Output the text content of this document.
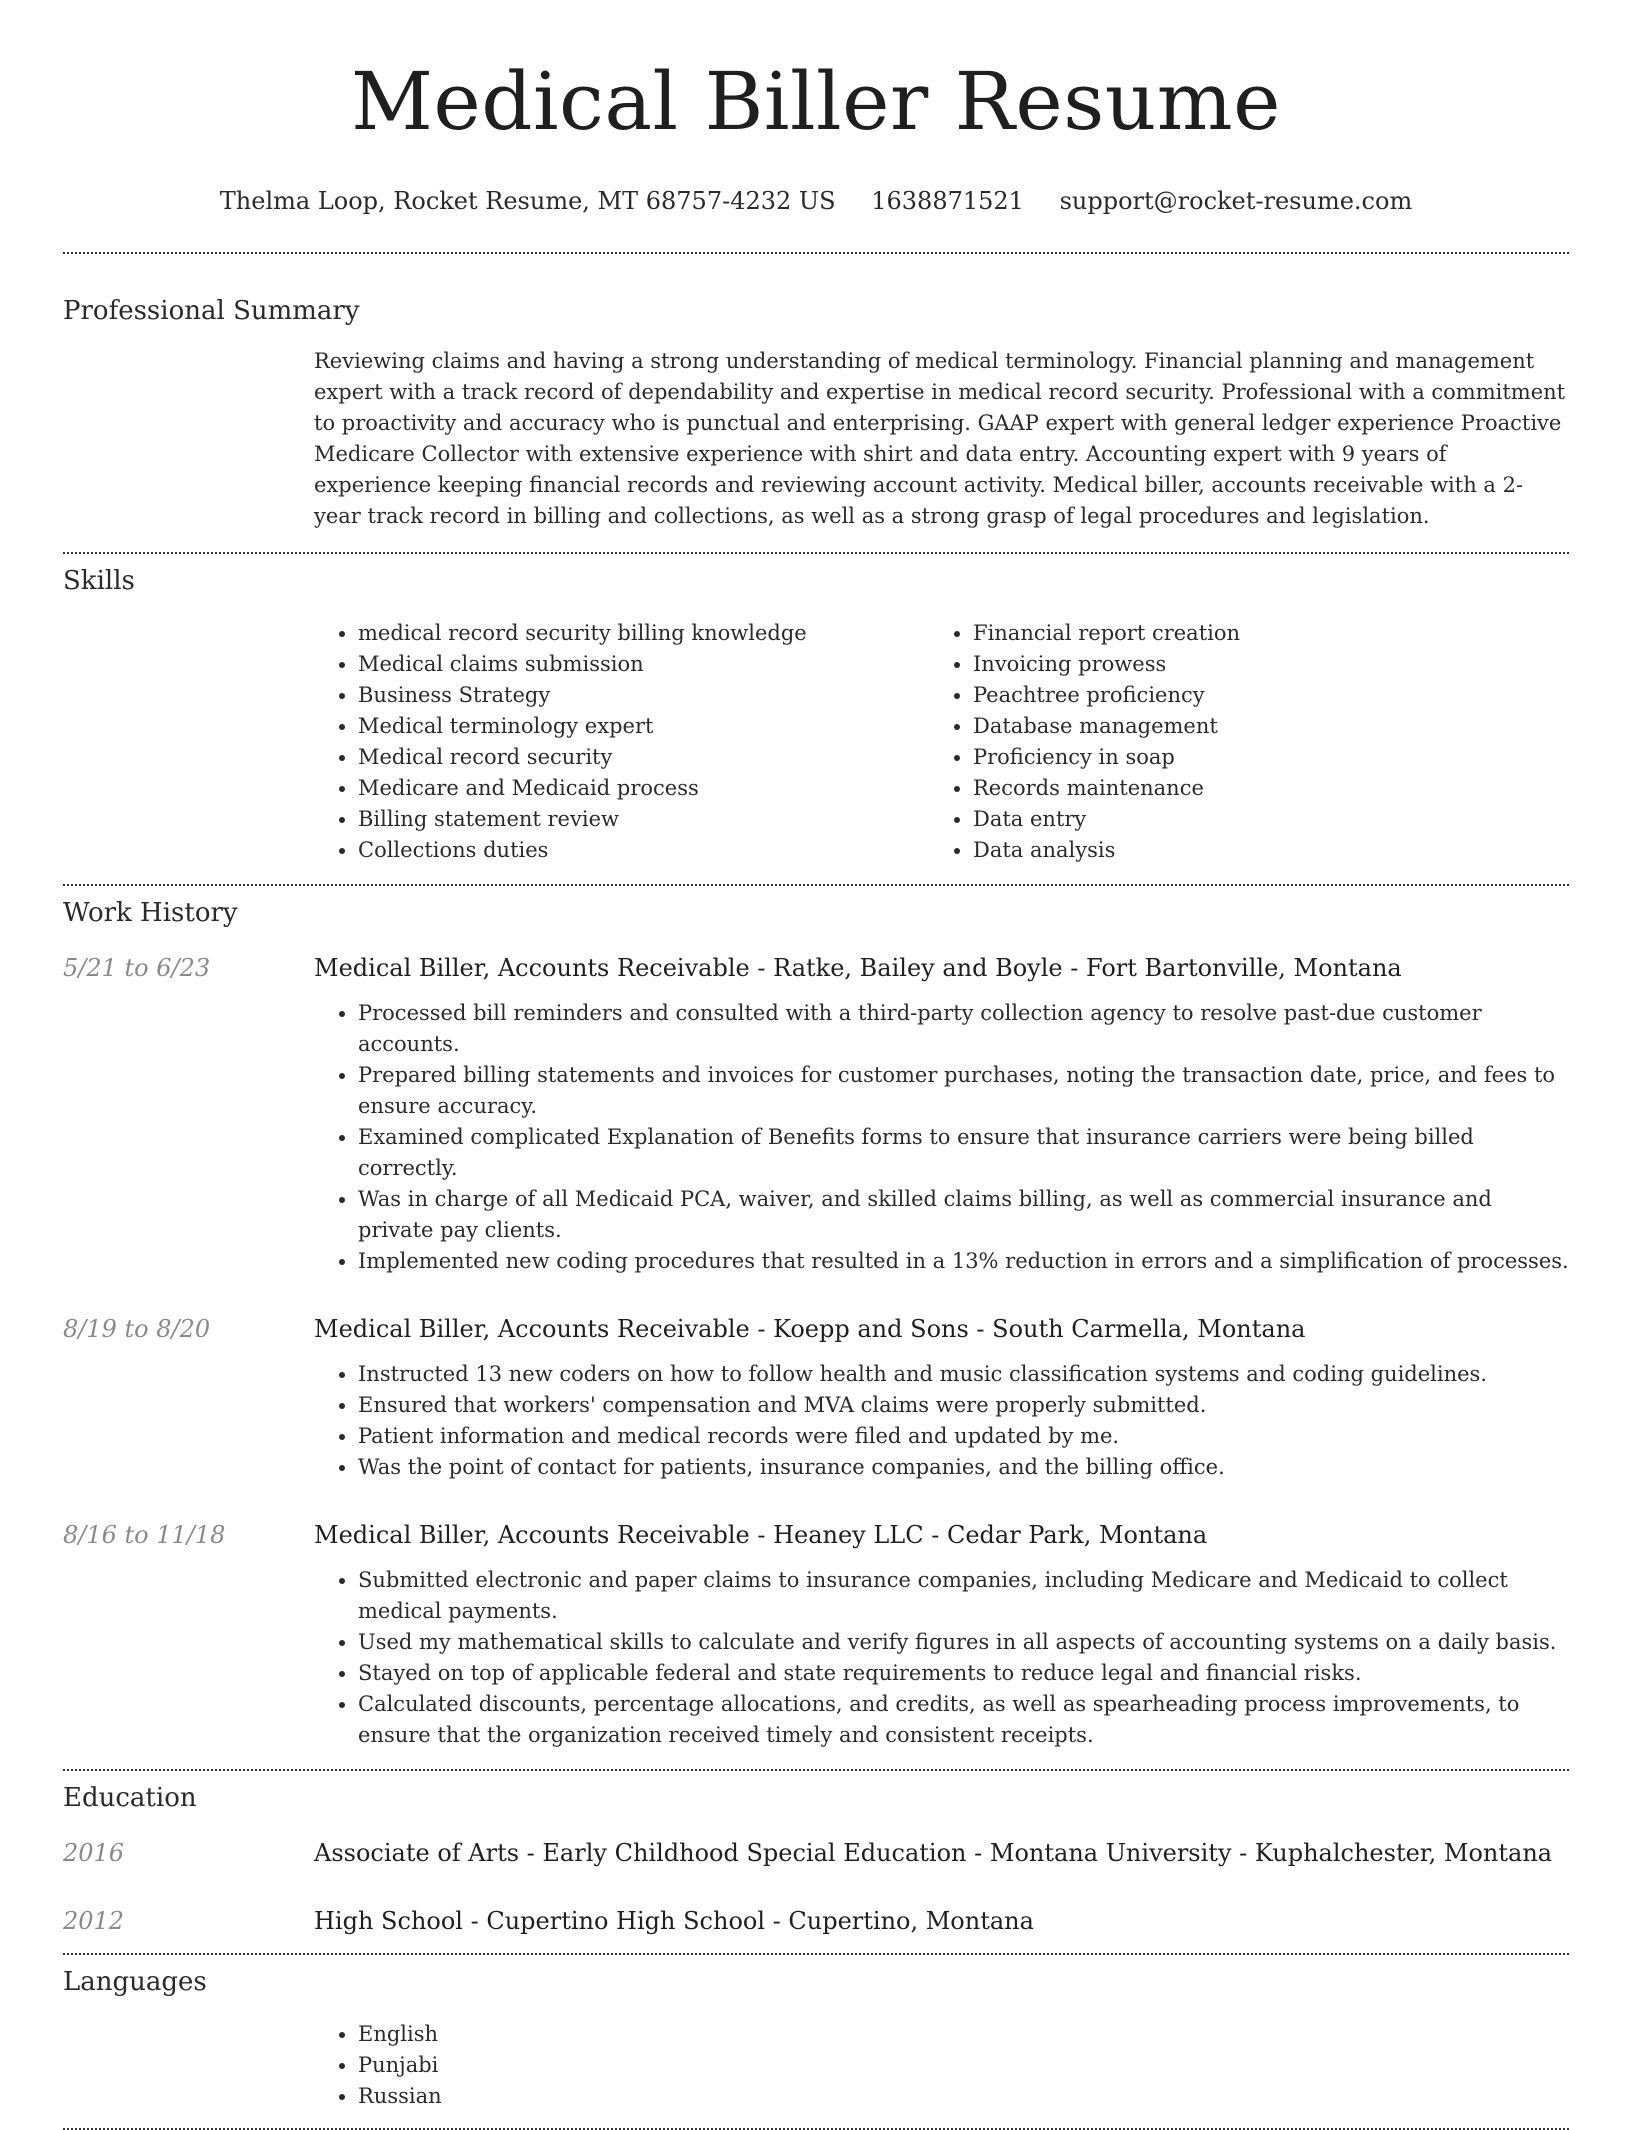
Medical Biller Resume
Thelma Loop, Rocket Resume, MT 68757-4232 US 1638871521 support@rocket-resume.com
Professional Summary

Reviewing claims and having a strong understanding of medical terminology. Financial planning and management expert with a track record of dependability and expertise in medical record security. Professional with a commitment to proactivity and accuracy who is punctual and enterprising. GAAP expert with general ledger experience Proactive Medicare Collector with extensive experience with shirt and data entry. Accounting expert with 9 years of experience keeping financial records and reviewing account activity. Medical biller, accounts receivable with a 2-year track record in billing and collections, as well as a strong grasp of legal procedures and legislation.

Skills
• medical record security billing knowledge
• Medical claims submission
• Business Strategy
• Medical terminology expert
• Medical record security
• Medicare and Medicaid process
• Billing statement review
• Collections duties
• Financial report creation
• Invoicing prowess
• Peachtree proficiency
• Database management
• Proficiency in soap
• Records maintenance
• Data entry
• Data analysis
Work History
5/21 to 6/23	Medical Biller, Accounts Receivable - Ratke, Bailey and Boyle - Fort Bartonville, Montana

• Processed bill reminders and consulted with a third-party collection agency to resolve past-due customer accounts.
• Prepared billing statements and invoices for customer purchases, noting the transaction date, price, and fees to ensure accuracy.
• Examined complicated Explanation of Benefits forms to ensure that insurance carriers were being billed correctly.
• Was in charge of all Medicaid PCA, waiver, and skilled claims billing, as well as commercial insurance and private pay clients.
• Implemented new coding procedures that resulted in a 13% reduction in errors and a simplification of processes.
8/19 to 8/20	Medical Biller, Accounts Receivable - Koepp and Sons - South Carmella, Montana

• Instructed 13 new coders on how to follow health and music classification systems and coding guidelines.
• Ensured that workers' compensation and MVA claims were properly submitted.
• Patient information and medical records were filed and updated by me.
• Was the point of contact for patients, insurance companies, and the billing office.
8/16 to 11/18	Medical Biller, Accounts Receivable - Heaney LLC - Cedar Park, Montana

• Submitted electronic and paper claims to insurance companies, including Medicare and Medicaid to collect medical payments.
• Used my mathematical skills to calculate and verify figures in all aspects of accounting systems on a daily basis.
• Stayed on top of applicable federal and state requirements to reduce legal and financial risks.
• Calculated discounts, percentage allocations, and credits, as well as spearheading process improvements, to ensure that the organization received timely and consistent receipts.
Education
2016	Associate of Arts - Early Childhood Special Education - Montana University - Kuphalchester, Montana
2012	High School - Cupertino High School - Cupertino, Montana
Languages
• English
• Punjabi
• Russian
